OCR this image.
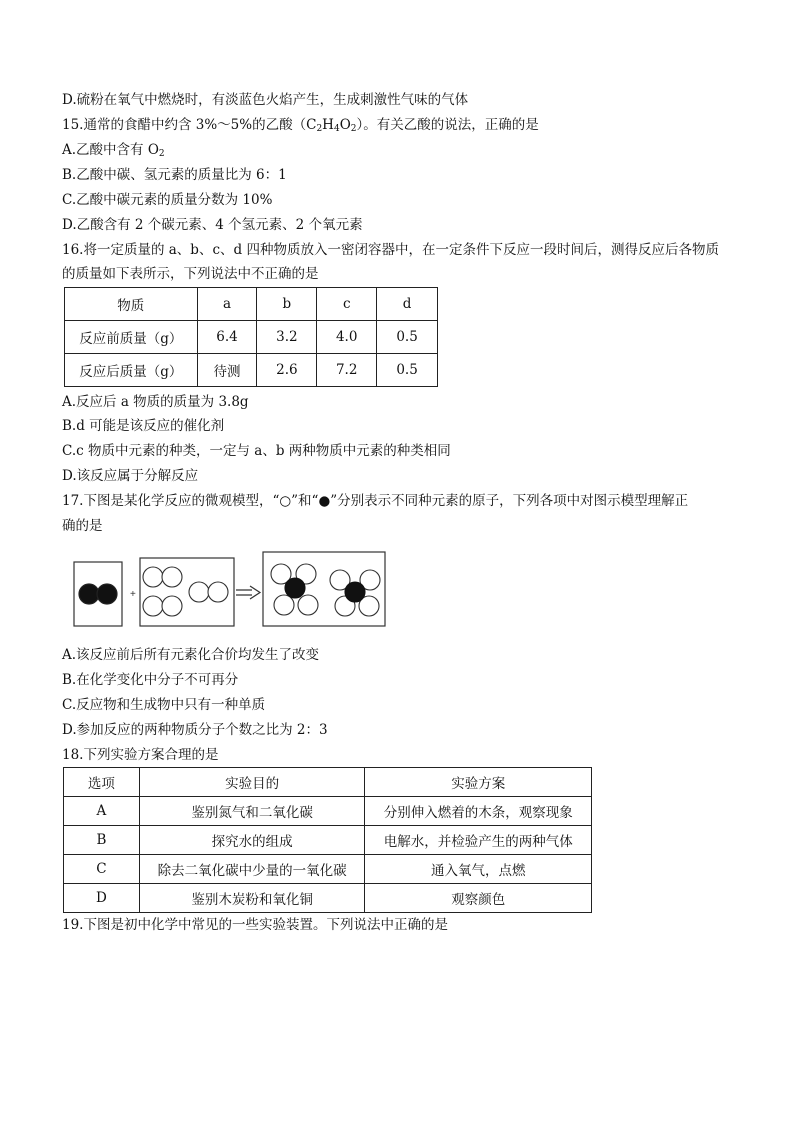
D.硫粉在氧气中燃烧时，有淡蓝色火焰产生，生成刺激性气味的气体
15.通常的食醋中约含 3%～5%的乙酸$(C_2H_4O_2)$。有关乙酸的说法，正确的是
A.乙酸中含有 $O_2$
B.乙酸中碳、氢元素的质量比为 6：1
C.乙酸中碳元素的质量分数为 10%
D.乙酸含有 2 个碳元素、4 个氢元素、2 个氧元素
16.将一定质量的 a、b、c、d 四种物质放入一密闭容器中，在一定条件下反应一段时间后，测得反应后各物质
的质量如下表所示，下列说法中不正确的是
物质	a	b	c	d
反应前质量（g）	6.4	3.2	4.0	0.5
反应后质量（g）	待测	2.6	7.2	0.5
A.反应后 a 物质的质量为 3.8g
B.d 可能是该反应的催化剂
C.c 物质中元素的种类，一定与 a、b 两种物质中元素的种类相同
D.该反应属于分解反应
17.下图是某化学反应的微观模型，“○”和“●”分别表示不同种元素的原子，下列各项中对图示模型理解正
确的是
+
A.该反应前后所有元素化合价均发生了改变
B.在化学变化中分子不可再分
C.反应物和生成物中只有一种单质
D.参加反应的两种物质分子个数之比为 2：3
18.下列实验方案合理的是
选项	实验目的	实验方案
A	鉴别氮气和二氧化碳	分别伸入燃着的木条，观察现象
B	探究水的组成	电解水，并检验产生的两种气体
C	除去二氧化碳中少量的一氧化碳	通入氧气，点燃
D	鉴别木炭粉和氧化铜	观察颜色
19.下图是初中化学中常见的一些实验装置。下列说法中正确的是
